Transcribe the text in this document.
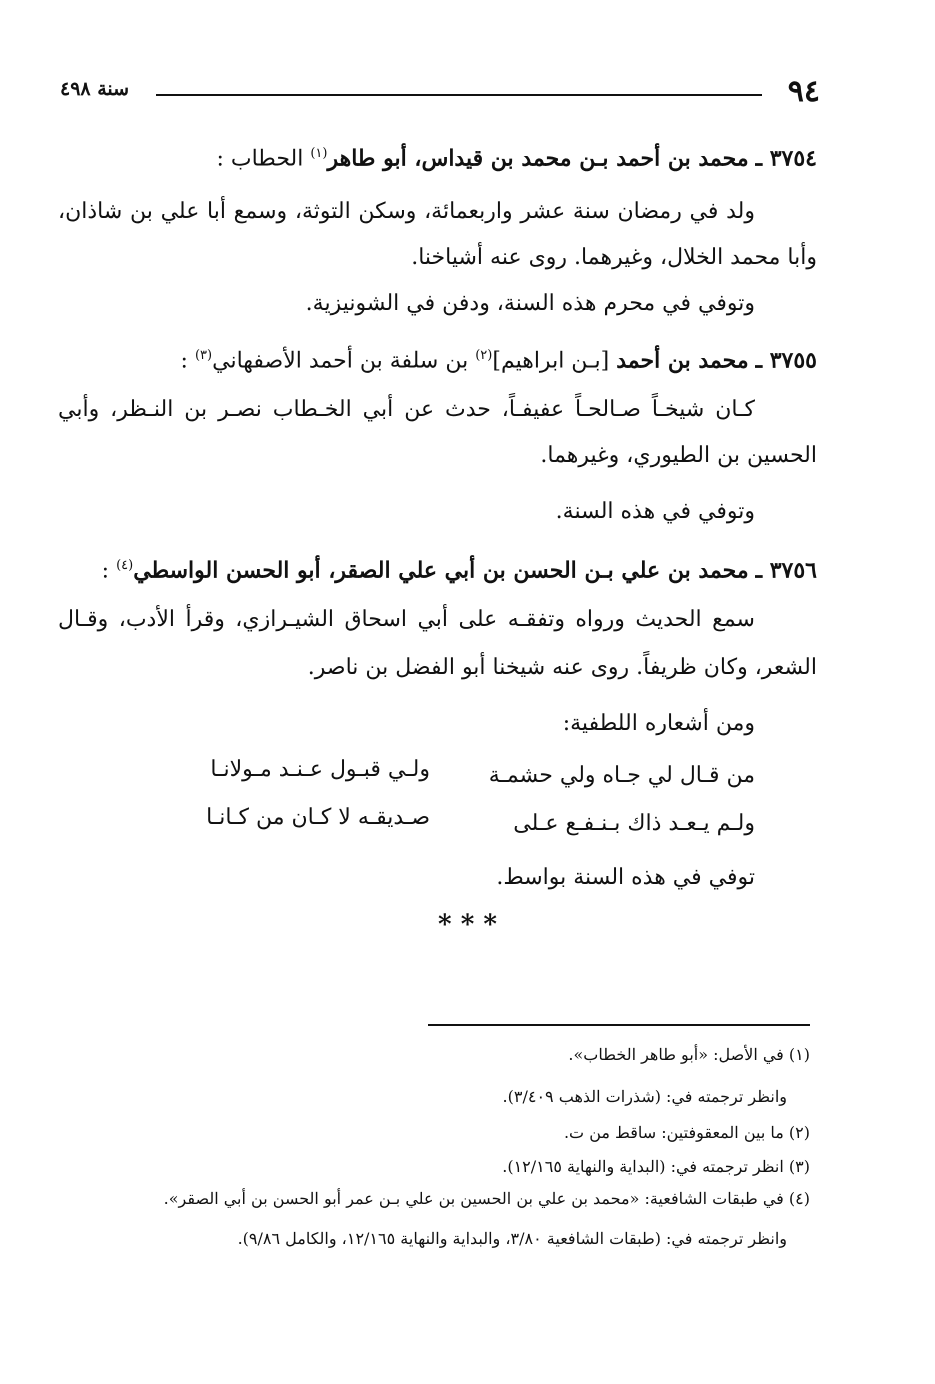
٩٤
سنة ٤٩٨
٣٧٥٤ ـ محمد بن أحمد بـن محمد بن قيداس، أبو طاهر$^{(١)}$ الحطاب :
ولد في رمضان سنة عشر واربعمائة، وسكن التوثة، وسمع أبا علي بن شاذان،
وأبا محمد الخلال، وغيرهما. روى عنه أشياخنا.
وتوفي في محرم هذه السنة، ودفن في الشونيزية.
٣٧٥٥ ـ محمد بن أحمد [بـن ابراهيم]$^{(٢)}$ بن سلفة بن أحمد الأصفهاني$^{(٣)}$ :
كـان شيخـاً صـالحـاً عفيفـاً، حدث عن أبي الخـطاب نصـر بن النـظر، وأبي
الحسين بن الطيوري، وغيرهما.
وتوفي في هذه السنة.
٣٧٥٦ ـ محمد بن علي بـن الحسن بن أبي علي الصقر، أبو الحسن الواسطي$^{(٤)}$ :
سمع الحديث ورواه وتفقـه على أبي اسحاق الشيـرازي، وقرأ الأدب، وقـال
الشعر، وكان ظريفاً. روى عنه شيخنا أبو الفضل بن ناصر.
ومن أشعاره اللطفية:
من قـال لي جـاه ولي حشمـة
ولـي قبـول عـنـد مـولانـا
ولـم يـعـد ذاك بـنـفـع عـلى
صـديقـه لا كـان من كـانـا
توفي في هذه السنة بواسط.
* * *
(١) في الأصل: «أبو طاهر الخطاب».
وانظر ترجمته في: (شذرات الذهب ٣/٤٠٩).
(٢) ما بين المعقوفتين: ساقط من ت.
(٣) انظر ترجمته في: (البداية والنهاية ١٢/١٦٥).
(٤) في طبقات الشافعية: «محمد بن علي بن الحسين بن علي بـن عمر أبو الحسن بن أبي الصقر».
وانظر ترجمته في: (طبقات الشافعية ٣/٨٠، والبداية والنهاية ١٢/١٦٥، والكامل ٩/٨٦).
